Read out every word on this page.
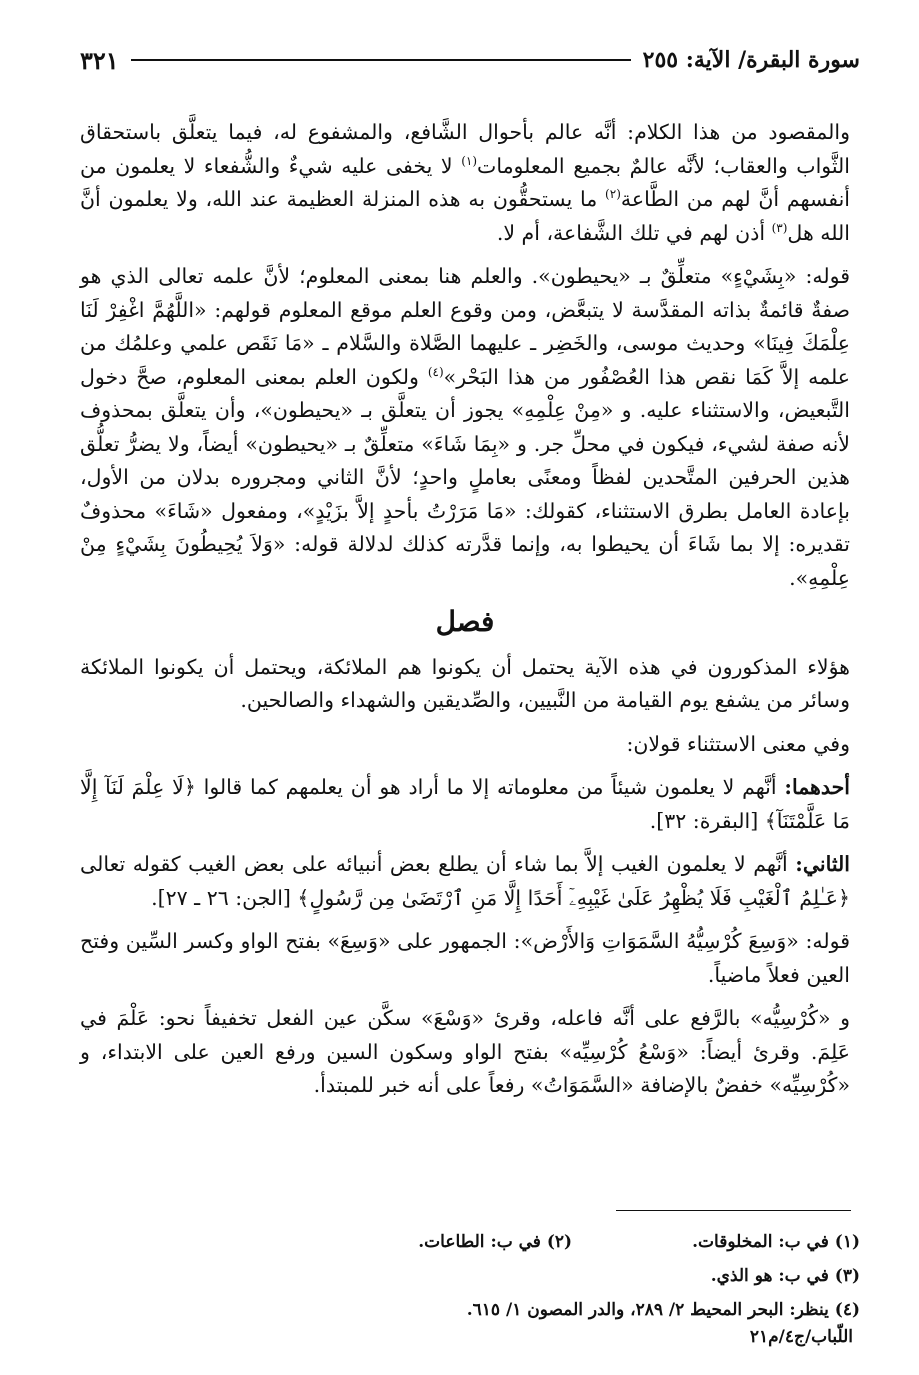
سورة البقرة/ الآية: ٢٥٥
٣٢١

والمقصود من هذا الكلام: أنَّه عالم بأحوال الشَّافع، والمشفوع له، فيما يتعلَّق باستحقاق الثَّواب والعقاب؛ لأنَّه عالمٌ بجميع المعلومات$^{(١)}$ لا يخفى عليه شيءٌ والشُّفعاء لا يعلمون من أنفسهم أنَّ لهم من الطَّاعة$^{(٢)}$ ما يستحقُّون به هذه المنزلة العظيمة عند الله، ولا يعلمون أنَّ الله هل$^{(٣)}$ أذن لهم في تلك الشَّفاعة، أم لا.

قوله: «بِشَيْءٍ» متعلِّقٌ بـ «يحيطون». والعلم هنا بمعنى المعلوم؛ لأنَّ علمه تعالى الذي هو صفةٌ قائمةٌ بذاته المقدَّسة لا يتبعَّض، ومن وقوع العلم موقع المعلوم قولهم: «اللَّهُمَّ اغْفِرْ لَنَا عِلْمَكَ فِينَا» وحديث موسى، والخَضِر ـ عليهما الصَّلاة والسَّلام ـ «مَا نَقَص علمي وعلمُك من علمه إلاَّ كَمَا نقص هذا العُصْفُور من هذا البَحْر»$^{(٤)}$ ولكون العلم بمعنى المعلوم، صحَّ دخول التَّبعيض، والاستثناء عليه. و «مِنْ عِلْمِهِ» يجوز أن يتعلَّق بـ «يحيطون»، وأن يتعلَّق بمحذوف لأنه صفة لشيء، فيكون في محلِّ جر. و «بِمَا شَاءَ» متعلِّقٌ بـ «يحيطون» أيضاً، ولا يضرُّ تعلُّق هذين الحرفين المتَّحدين لفظاً ومعنًى بعاملٍ واحدٍ؛ لأنَّ الثاني ومجروره بدلان من الأول، بإعادة العامل بطرق الاستثناء، كقولك: «مَا مَرَرْتُ بأحدٍ إلاَّ بزَيْدٍ»، ومفعول «شَاءَ» محذوفٌ تقديره: إلا بما شَاءَ أن يحيطوا به، وإنما قدَّرته كذلك لدلالة قوله: «وَلاَ يُحِيطُونَ بِشَيْءٍ مِنْ عِلْمِهِ».

فصل

هؤلاء المذكورون في هذه الآية يحتمل أن يكونوا هم الملائكة، ويحتمل أن يكونوا الملائكة وسائر من يشفع يوم القيامة من النَّبيين، والصِّديقين والشهداء والصالحين.

وفي معنى الاستثناء قولان:

أحدهما: أنَّهم لا يعلمون شيئاً من معلوماته إلا ما أراد هو أن يعلمهم كما قالوا ﴿لَا عِلْمَ لَنَآ إِلَّا مَا عَلَّمْتَنَآ﴾ [البقرة: ٣٢].

الثاني: أنَّهم لا يعلمون الغيب إلاَّ بما شاء أن يطلع بعض أنبيائه على بعض الغيب كقوله تعالى ﴿عَـٰلِمُ ٱلْغَيْبِ فَلَا يُظْهِرُ عَلَىٰ غَيْبِهِۦٓ أَحَدًا إِلَّا مَنِ ٱرْتَضَىٰ مِن رَّسُولٍ﴾ [الجن: ٢٦ ـ ٢٧].

قوله: «وَسِعَ كُرْسِيُّهُ السَّمَوَاتِ وَالأَرْض»: الجمهور على «وَسِعَ» بفتح الواو وكسر السِّين وفتح العين فعلاً ماضياً.

و «كُرْسِيُّه» بالرَّفع على أنَّه فاعله، وقرئ «وَسْعَ» سكَّن عين الفعل تخفيفاً نحو: عَلْمَ في عَلِمَ. وقرئ أيضاً: «وَسْعُ كُرْسِيِّه» بفتح الواو وسكون السين ورفع العين على الابتداء، و «كُرْسِيِّه» خفضٌ بالإضافة «السَّمَوَاتُ» رفعاً على أنه خبر للمبتدأ.

(١) في ب: المخلوقات.
(٢) في ب: الطاعات.
(٣) في ب: هو الذي.
(٤) ينظر: البحر المحيط ٢/ ٢٨٩، والدر المصون ١/ ٦١٥.
اللّباب/ج٤/م٢١
